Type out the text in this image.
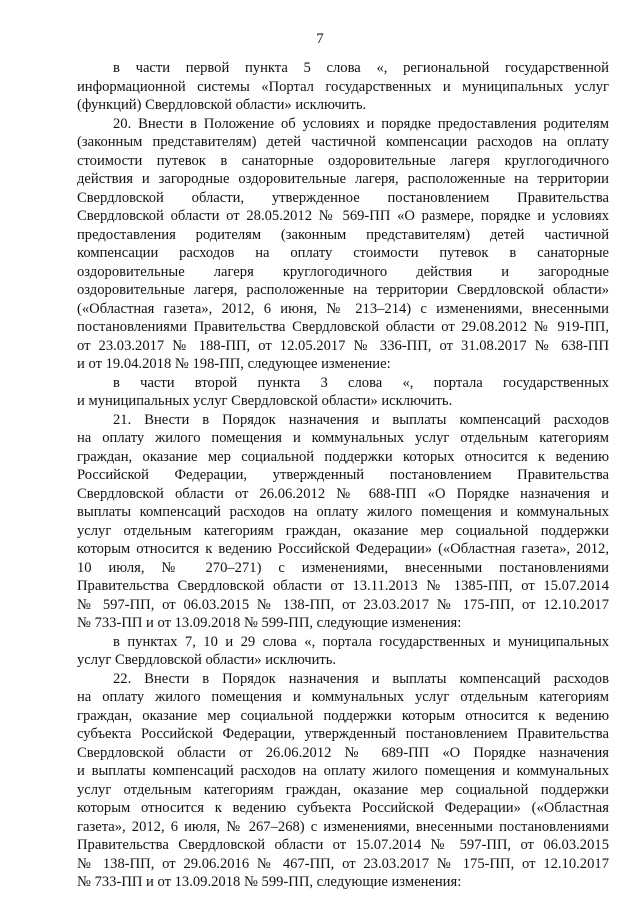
7
в части первой пункта 5 слова «, региональной государственной
информационной системы «Портал государственных и муниципальных услуг
(функций) Свердловской области» исключить.
20. Внести в Положение об условиях и порядке предоставления родителям
(законным представителям) детей частичной компенсации расходов на оплату
стоимости путевок в санаторные оздоровительные лагеря круглогодичного
действия и загородные оздоровительные лагеря, расположенные на территории
Свердловской области, утвержденное постановлением Правительства
Свердловской области от 28.05.2012 № 569-ПП «О размере, порядке и условиях
предоставления родителям (законным представителям) детей частичной
компенсации расходов на оплату стоимости путевок в санаторные
оздоровительные лагеря круглогодичного действия и загородные
оздоровительные лагеря, расположенные на территории Свердловской области»
(«Областная газета», 2012, 6 июня, № 213–214) с изменениями, внесенными
постановлениями Правительства Свердловской области от 29.08.2012 № 919-ПП,
от 23.03.2017 № 188-ПП, от 12.05.2017 № 336-ПП, от 31.08.2017 № 638-ПП
и от 19.04.2018 № 198-ПП, следующее изменение:
в части второй пункта 3 слова «, портала государственных
и муниципальных услуг Свердловской области» исключить.
21. Внести в Порядок назначения и выплаты компенсаций расходов
на оплату жилого помещения и коммунальных услуг отдельным категориям
граждан, оказание мер социальной поддержки которых относится к ведению
Российской Федерации, утвержденный постановлением Правительства
Свердловской области от 26.06.2012 № 688-ПП «О Порядке назначения и
выплаты компенсаций расходов на оплату жилого помещения и коммунальных
услуг отдельным категориям граждан, оказание мер социальной поддержки
которым относится к ведению Российской Федерации» («Областная газета», 2012,
10 июля, № 270–271) с изменениями, внесенными постановлениями
Правительства Свердловской области от 13.11.2013 № 1385-ПП, от 15.07.2014
№ 597-ПП, от 06.03.2015 № 138-ПП, от 23.03.2017 № 175-ПП, от 12.10.2017
№ 733-ПП и от 13.09.2018 № 599-ПП, следующие изменения:
в пунктах 7, 10 и 29 слова «, портала государственных и муниципальных
услуг Свердловской области» исключить.
22. Внести в Порядок назначения и выплаты компенсаций расходов
на оплату жилого помещения и коммунальных услуг отдельным категориям
граждан, оказание мер социальной поддержки которым относится к ведению
субъекта Российской Федерации, утвержденный постановлением Правительства
Свердловской области от 26.06.2012 № 689-ПП «О Порядке назначения
и выплаты компенсаций расходов на оплату жилого помещения и коммунальных
услуг отдельным категориям граждан, оказание мер социальной поддержки
которым относится к ведению субъекта Российской Федерации» («Областная
газета», 2012, 6 июля, № 267–268) с изменениями, внесенными постановлениями
Правительства Свердловской области от 15.07.2014 № 597-ПП, от 06.03.2015
№ 138-ПП, от 29.06.2016 № 467-ПП, от 23.03.2017 № 175-ПП, от 12.10.2017
№ 733-ПП и от 13.09.2018 № 599-ПП, следующие изменения:
